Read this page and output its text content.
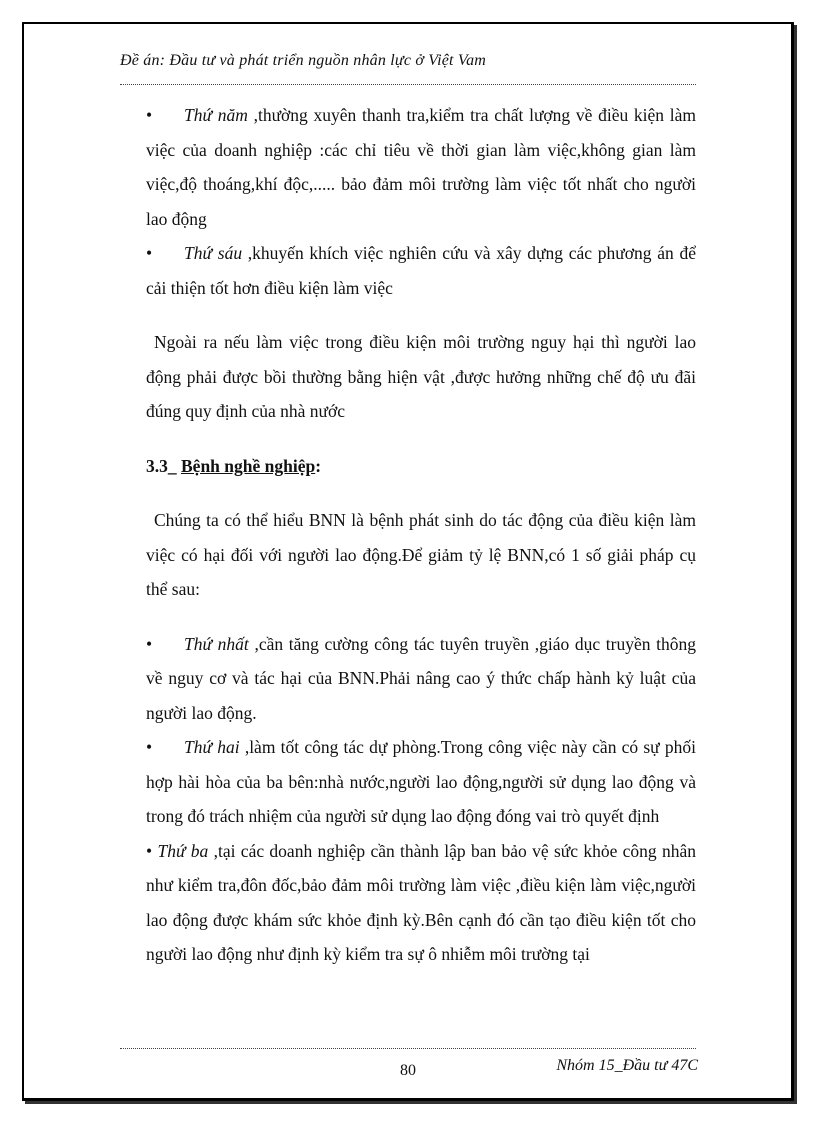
Đề án: Đầu tư và phát triển nguồn nhân lực ở Việt Vam

• Thứ năm ,thường xuyên thanh tra,kiểm tra chất lượng về điều kiện làm việc của doanh nghiệp :các chỉ tiêu về thời gian làm việc,không gian làm việc,độ thoáng,khí độc,..... bảo đảm môi trường làm việc tốt nhất cho người lao động

• Thứ sáu ,khuyến khích việc nghiên cứu và xây dựng các phương án để cải thiện tốt hơn điều kiện làm việc

Ngoài ra nếu làm việc trong điều kiện môi trường nguy hại thì người lao động phải được bồi thường bằng hiện vật ,được hưởng những chế độ ưu đãi đúng quy định của nhà nước

3.3_ Bệnh nghề nghiệp:

Chúng ta có thể hiểu BNN là bệnh phát sinh do tác động của điều kiện làm việc có hại đối với người lao động.Để giảm tỷ lệ BNN,có 1 số giải pháp cụ thể sau:

• Thứ nhất ,cần tăng cường công tác tuyên truyền ,giáo dục truyền thông về nguy cơ và tác hại của BNN.Phải nâng cao ý thức chấp hành kỷ luật của người lao động.

• Thứ hai ,làm tốt công tác dự phòng.Trong công việc này cần có sự phối hợp hài hòa của ba bên:nhà nước,người lao động,người sử dụng lao động và trong đó trách nhiệm của người sử dụng lao động đóng vai trò quyết định

• Thứ ba ,tại các doanh nghiệp cần thành lập ban bảo vệ sức khỏe công nhân như kiểm tra,đôn đốc,bảo đảm môi trường làm việc ,điều kiện làm việc,người lao động được khám sức khỏe định kỳ.Bên cạnh đó cần tạo điều kiện tốt cho người lao động như định kỳ kiểm tra sự ô nhiễm môi trường tại

80	Nhóm 15_Đầu tư 47C
